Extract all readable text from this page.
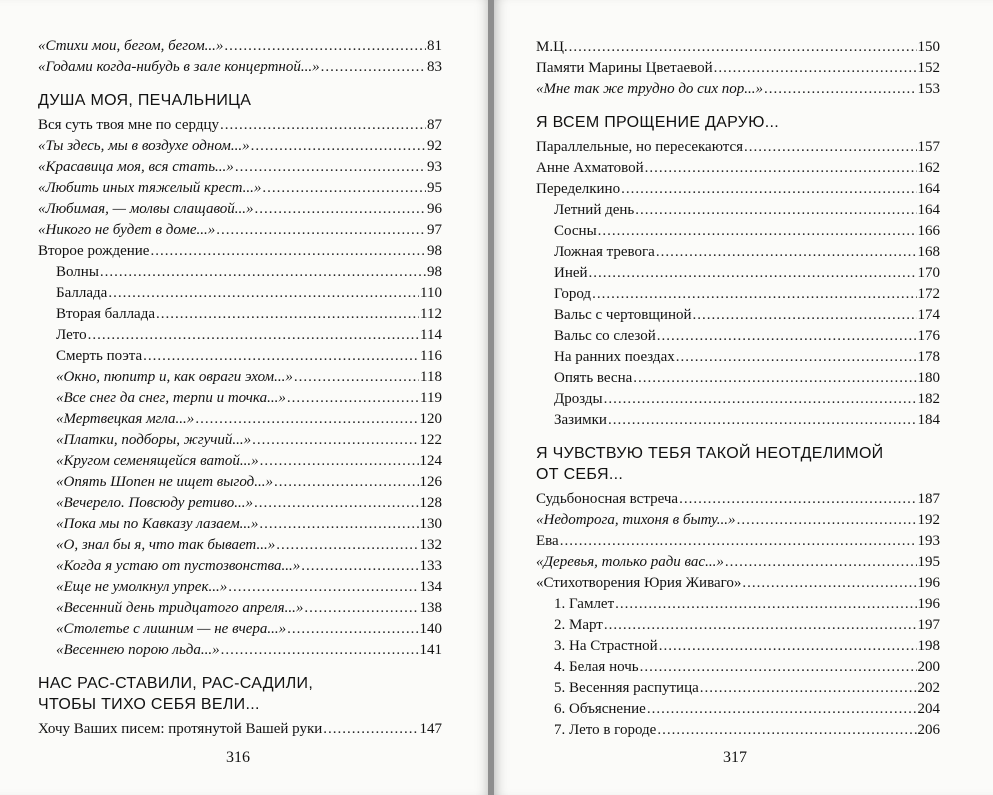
«Стихи мои, бегом, бегом...» .....	81
«Годами когда-нибудь в зале концертной...» .....	83
ДУША МОЯ, ПЕЧАЛЬНИЦА
Вся суть твоя мне по сердцу .....	87
«Ты здесь, мы в воздухе одном...» .....	92
«Красавица моя, вся стать...» .....	93
«Любить иных тяжелый крест...» .....	95
«Любимая, — молвы слащавой...» .....	96
«Никого не будет в доме...» .....	97
Второе рождение .....	98
Волны .....	98
Баллада .....	110
Вторая баллада .....	112
Лето .....	114
Смерть поэта .....	116
«Окно, пюпитр и, как овраги эхом...» .....	118
«Все снег да снег, терпи и точка...» .....	119
«Мертвецкая мгла...» .....	120
«Платки, подборы, жгучий...» .....	122
«Кругом семенящейся ватой...» .....	124
«Опять Шопен не ищет выгод...» .....	126
«Вечерело. Повсюду ретиво...» .....	128
«Пока мы по Кавказу лазаем...» .....	130
«О, знал бы я, что так бывает...» .....	132
«Когда я устаю от пустозвонства...» .....	133
«Еще не умолкнул упрек...» .....	134
«Весенний день тридцатого апреля...» .....	138
«Столетье с лишним — не вчера...» .....	140
«Весеннею порою льда...» .....	141
НАС РАС-СТАВИЛИ, РАС-САДИЛИ,
ЧТОБЫ ТИХО СЕБЯ ВЕЛИ...
Хочу Ваших писем: протянутой Вашей руки .....	147
316
М.Ц. .....	150
Памяти Марины Цветаевой .....	152
«Мне так же трудно до сих пор...» .....	153
Я ВСЕМ ПРОЩЕНИЕ ДАРУЮ...
Параллельные, но пересекаются .....	157
Анне Ахматовой .....	162
Переделкино .....	164
Летний день .....	164
Сосны .....	166
Ложная тревога .....	168
Иней .....	170
Город .....	172
Вальс с чертовщиной .....	174
Вальс со слезой .....	176
На ранних поездах .....	178
Опять весна .....	180
Дрозды .....	182
Зазимки .....	184
Я ЧУВСТВУЮ ТЕБЯ ТАКОЙ НЕОТДЕЛИМОЙ
ОТ СЕБЯ...
Судьбоносная встреча .....	187
«Недотрога, тихоня в быту...» .....	192
Ева .....	193
«Деревья, только ради вас...» .....	195
«Стихотворения Юрия Живаго» .....	196
1. Гамлет .....	196
2. Март .....	197
3. На Страстной .....	198
4. Белая ночь .....	200
5. Весенняя распутица .....	202
6. Объяснение .....	204
7. Лето в городе .....	206
317
